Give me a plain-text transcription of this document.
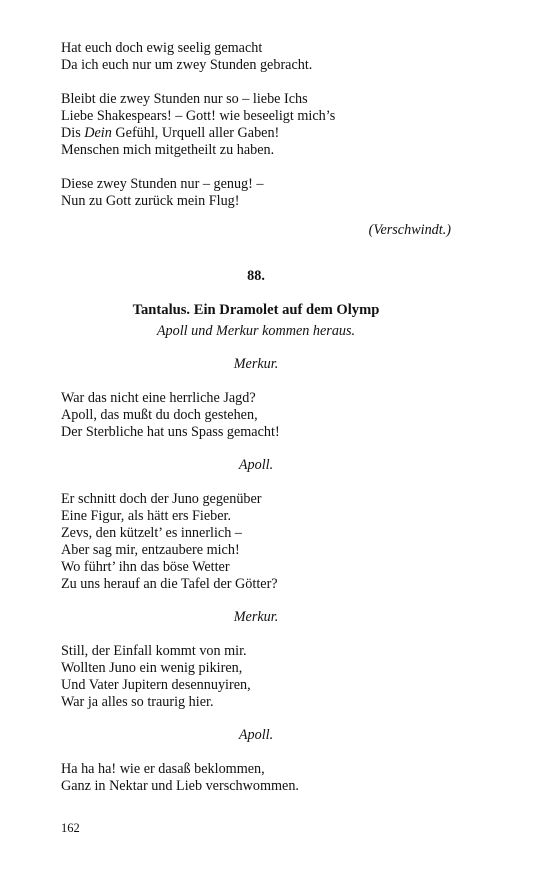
Hat euch doch ewig seelig gemacht
Da ich euch nur um zwey Stunden gebracht.
Bleibt die zwey Stunden nur so – liebe Ichs
Liebe Shakespears! – Gott! wie beseeligt mich’s
Dis Dein Gefühl, Urquell aller Gaben!
Menschen mich mitgetheilt zu haben.
Diese zwey Stunden nur – genug! –
Nun zu Gott zurück mein Flug!
(Verschwindt.)
88.
Tantalus. Ein Dramolet auf dem Olymp
Apoll und Merkur kommen heraus.
Merkur.
War das nicht eine herrliche Jagd?
Apoll, das mußt du doch gestehen,
Der Sterbliche hat uns Spass gemacht!
Apoll.
Er schnitt doch der Juno gegenüber
Eine Figur, als hätt ers Fieber.
Zevs, den kützelt’ es innerlich –
Aber sag mir, entzaubere mich!
Wo führt’ ihn das böse Wetter
Zu uns herauf an die Tafel der Götter?
Merkur.
Still, der Einfall kommt von mir.
Wollten Juno ein wenig pikiren,
Und Vater Jupitern desennuyiren,
War ja alles so traurig hier.
Apoll.
Ha ha ha! wie er dasaß beklommen,
Ganz in Nektar und Lieb verschwommen.
162
